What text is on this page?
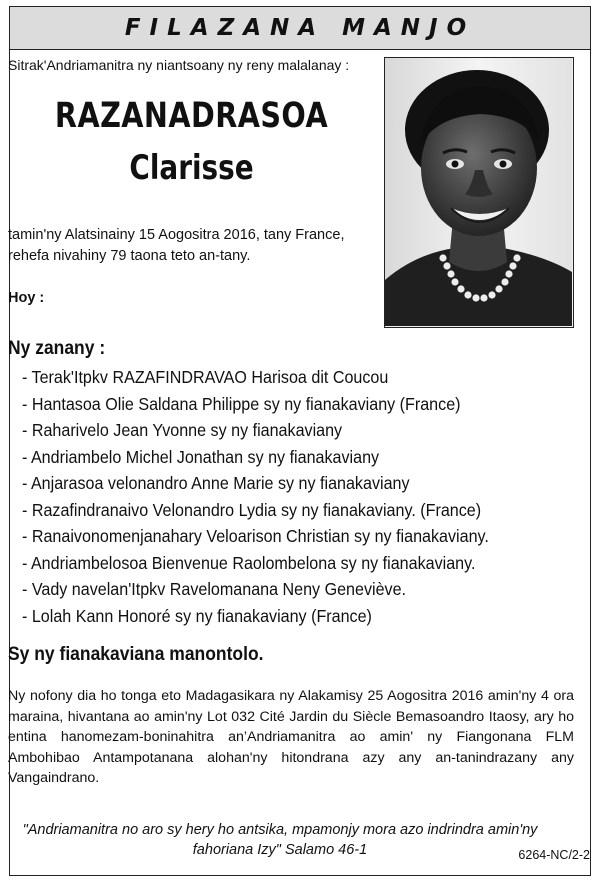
FILAZANA MANJO
Sitrak'Andriamanitra ny niantsoany ny reny malalanay :
RAZANADRASOA
Clarisse
tamin'ny Alatsinainy 15 Aogositra 2016, tany France, rehefa nivahiny 79 taona teto an-tany.
Hoy :
Ny zanany :
- Terak'Itpkv RAZAFINDRAVAO Harisoa dit Coucou
- Hantasoa Olie Saldana Philippe sy ny fianakaviany (France)
- Raharivelo Jean Yvonne sy ny fianakaviany
- Andriambelo Michel Jonathan sy ny fianakaviany
- Anjarasoa velonandro Anne Marie sy ny fianakaviany
- Razafindranaivo Velonandro Lydia sy ny fianakaviany. (France)
- Ranaivonomenjanahary Veloarison Christian sy ny fianakaviany.
- Andriambelosoa Bienvenue Raolombelona sy ny fianakaviany.
- Vady navelan'Itpkv Ravelomanana Neny Geneviève.
- Lolah Kann Honoré sy ny fianakaviany (France)
Sy ny fianakaviana manontolo.
Ny nofony dia ho tonga eto Madagasikara ny Alakamisy 25 Aogositra 2016 amin'ny 4 ora maraina, hivantana ao amin'ny Lot 032 Cité Jardin du Siècle Bemasoandro Itaosy, ary ho entina hanomezam-boninahitra an’Andriamanitra ao amin' ny Fiangonana FLM Ambohibao Antampotanana alohan'ny hitondrana azy any an-tanindrazany any Vangaindrano.
"Andriamanitra no aro sy hery ho antsika, mpamonjy mora azo indrindra amin'ny fahoriana Izy" Salamo 46-1	6264-NC/2-2
